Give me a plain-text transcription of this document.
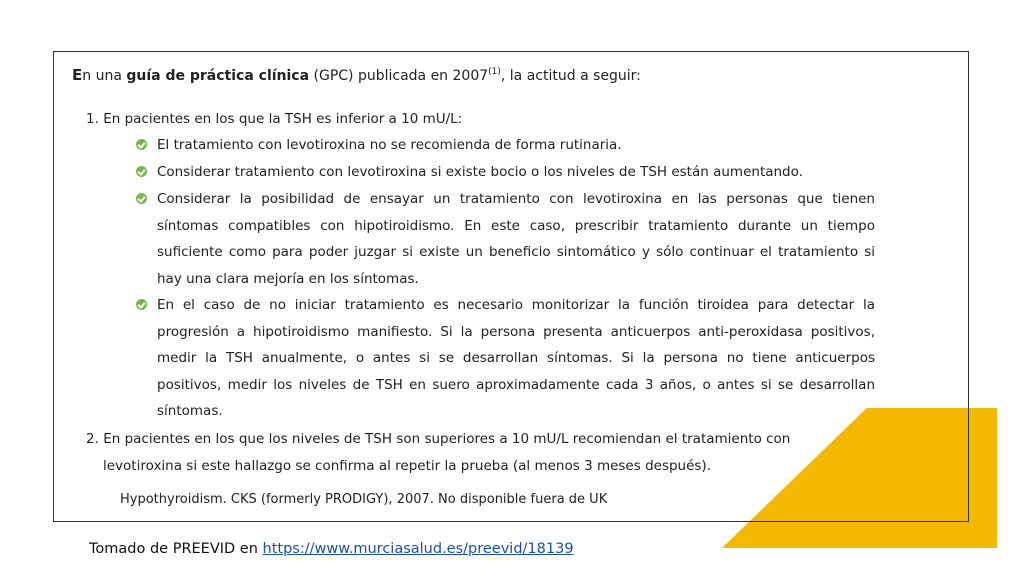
En una guía de práctica clínica (GPC) publicada en 2007$^{(1)}$, la actitud a seguir:
1. En pacientes en los que la TSH es inferior a 10 mU/L:
El tratamiento con levotiroxina no se recomienda de forma rutinaria.
Considerar tratamiento con levotiroxina si existe bocio o los niveles de TSH están aumentando.
Considerar la posibilidad de ensayar un tratamiento con levotiroxina en las personas que tienen
síntomas compatibles con hipotiroidismo. En este caso, prescribir tratamiento durante un tiempo
suficiente como para poder juzgar si existe un beneficio sintomático y sólo continuar el tratamiento si
hay una clara mejoría en los síntomas.
En el caso de no iniciar tratamiento es necesario monitorizar la función tiroidea para detectar la
progresión a hipotiroidismo manifiesto. Si la persona presenta anticuerpos anti-peroxidasa positivos,
medir la TSH anualmente, o antes si se desarrollan síntomas. Si la persona no tiene anticuerpos
positivos, medir los niveles de TSH en suero aproximadamente cada 3 años, o antes si se desarrollan
síntomas.
2. En pacientes en los que los niveles de TSH son superiores a 10 mU/L recomiendan el tratamiento con
levotiroxina si este hallazgo se confirma al repetir la prueba (al menos 3 meses después).
Hypothyroidism. CKS (formerly PRODIGY), 2007. No disponible fuera de UK
Tomado de PREEVID en https://www.murciasalud.es/preevid/18139
